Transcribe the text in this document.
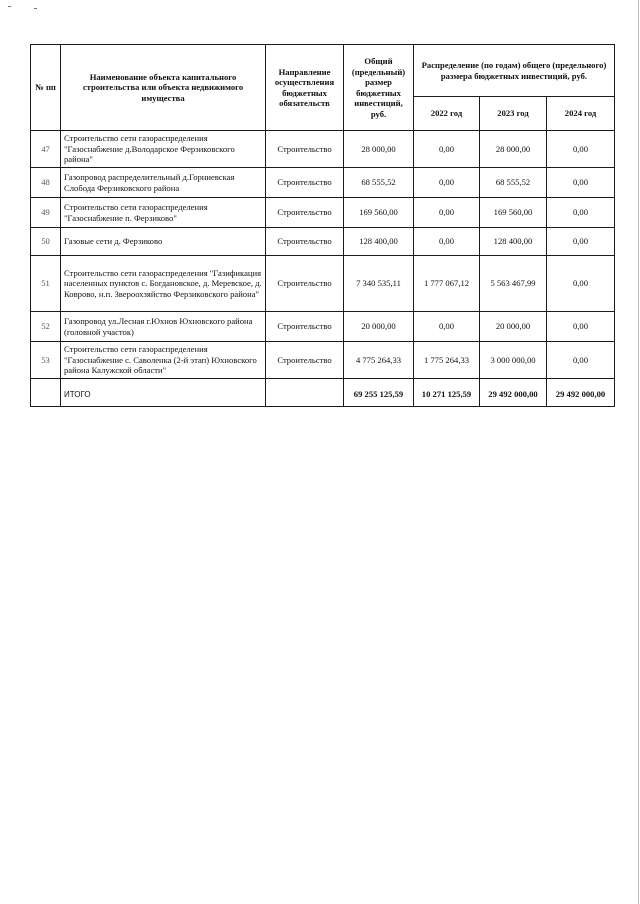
№ пп	Наименование объекта капитального строительства или объекта недвижимого имущества	Направление осуществления бюджетных обязательств	Общий (предельный) размер бюджетных инвестиций, руб.	Распределение (по годам) общего (предельного) размера бюджетных инвестиций, руб.		
				2022 год	2023 год	2024 год
47	Строительство сети газораспределения "Газоснабжение д.Володарское Ферзиковского района"	Строительство	28 000,00	0,00	28 000,00	0,00
48	Газопровод распределительный д.Горниевская Слобода Ферзиковского района	Строительство	68 555,52	0,00	68 555,52	0,00
49	Строительство сети газораспределения "Газоснабжение п. Ферзиково"	Строительство	169 560,00	0,00	169 560,00	0,00
50	Газовые сети д. Ферзиково	Строительство	128 400,00	0,00	128 400,00	0,00
51	Строительство сети газораспределения "Газификация населенных пунктов с. Богдановское, д. Меревское, д. Коврово, н.п. Звероохзяйство Ферзиковского района"	Строительство	7 340 535,11	1 777 067,12	5 563 467,99	0,00
52	Газопровод ул.Лесная г.Юхнов Юхновского района (головной участок)	Строительство	20 000,00	0,00	20 000,00	0,00
53	Строительство сети газораспределения "Газоснабжение с. Саволенка (2-й этап) Юхновского района Калужской области"	Строительство	4 775 264,33	1 775 264,33	3 000 000,00	0,00
	ИТОГО		69 255 125,59	10 271 125,59	29 492 000,00	29 492 000,00
